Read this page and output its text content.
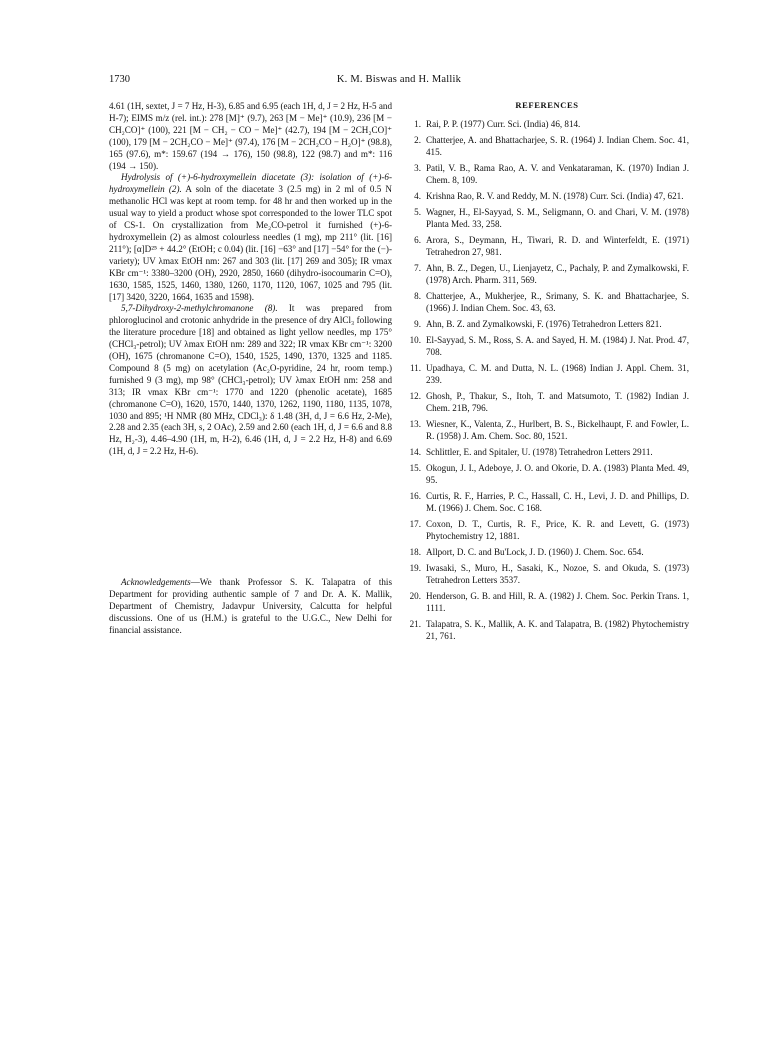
1730	K. M. Biswas and H. Mallik

4.61 (1H, sextet, J = 7 Hz, H-3), 6.85 and 6.95 (each 1H, d, J = 2 Hz, H-5 and H-7); EIMS m/z (rel. int.): 278 [M]⁺ (9.7), 263 [M − Me]⁺ (10.9), 236 [M − CH₂CO]⁺ (100), 221 [M − CH₂ − CO − Me]⁺ (42.7), 194 [M − 2CH₂CO]⁺ (100), 179 [M − 2CH₂CO − Me]⁺ (97.4), 176 [M − 2CH₂CO − H₂O]⁺ (98.8), 165 (97.6), m*: 159.67 (194 → 176), 150 (98.8), 122 (98.7) and m*: 116 (194 → 150).

Hydrolysis of (+)-6-hydroxymellein diacetate (3): isolation of (+)-6-hydroxymellein (2). A soln of the diacetate 3 (2.5 mg) in 2 ml of 0.5 N methanolic HCl was kept at room temp. for 48 hr and then worked up in the usual way to yield a product whose spot corresponded to the lower TLC spot of CS-1. On crystallization from Me₂CO-petrol it furnished (+)-6-hydroxymellein (2) as almost colourless needles (1 mg), mp 211° (lit. [16] 211°); [α]D²⁵ + 44.2° (EtOH; c 0.04) (lit. [16] −63° and [17] −54° for the (−)-variety); UV λmax EtOH nm: 267 and 303 (lit. [17] 269 and 305); IR νmax KBr cm⁻¹: 3380–3200 (OH), 2920, 2850, 1660 (dihydro-isocoumarin C=O), 1630, 1585, 1525, 1460, 1380, 1260, 1170, 1120, 1067, 1025 and 795 (lit. [17] 3420, 3220, 1664, 1635 and 1598).

5,7-Dihydroxy-2-methylchromanone (8). It was prepared from phloroglucinol and crotonic anhydride in the presence of dry AlCl₃ following the literature procedure [18] and obtained as light yellow needles, mp 175° (CHCl₃-petrol); UV λmax EtOH nm: 289 and 322; IR νmax KBr cm⁻¹: 3200 (OH), 1675 (chromanone C=O), 1540, 1525, 1490, 1370, 1325 and 1185. Compound 8 (5 mg) on acetylation (Ac₂O-pyridine, 24 hr, room temp.) furnished 9 (3 mg), mp 98° (CHCl₃-petrol); UV λmax EtOH nm: 258 and 313; IR νmax KBr cm⁻¹: 1770 and 1220 (phenolic acetate), 1685 (chromanone C=O), 1620, 1570, 1440, 1370, 1262, 1190, 1180, 1135, 1078, 1030 and 895; ¹H NMR (80 MHz, CDCl₃): δ 1.48 (3H, d, J = 6.6 Hz, 2-Me), 2.28 and 2.35 (each 3H, s, 2 OAc), 2.59 and 2.60 (each 1H, d, J = 6.6 and 8.8 Hz, H₂-3), 4.46–4.90 (1H, m, H-2), 6.46 (1H, d, J = 2.2 Hz, H-8) and 6.69 (1H, d, J = 2.2 Hz, H-6).

Acknowledgements—We thank Professor S. K. Talapatra of this Department for providing authentic sample of 7 and Dr. A. K. Mallik, Department of Chemistry, Jadavpur University, Calcutta for helpful discussions. One of us (H.M.) is grateful to the U.G.C., New Delhi for financial assistance.

REFERENCES
1. Rai, P. P. (1977) Curr. Sci. (India) 46, 814.
2. Chatterjee, A. and Bhattacharjee, S. R. (1964) J. Indian Chem. Soc. 41, 415.
3. Patil, V. B., Rama Rao, A. V. and Venkataraman, K. (1970) Indian J. Chem. 8, 109.
4. Krishna Rao, R. V. and Reddy, M. N. (1978) Curr. Sci. (India) 47, 621.
5. Wagner, H., El-Sayyad, S. M., Seligmann, O. and Chari, V. M. (1978) Planta Med. 33, 258.
6. Arora, S., Deymann, H., Tiwari, R. D. and Winterfeldt, E. (1971) Tetrahedron 27, 981.
7. Ahn, B. Z., Degen, U., Lienjayetz, C., Pachaly, P. and Zymalkowski, F. (1978) Arch. Pharm. 311, 569.
8. Chatterjee, A., Mukherjee, R., Srimany, S. K. and Bhattacharjee, S. (1966) J. Indian Chem. Soc. 43, 63.
9. Ahn, B. Z. and Zymalkowski, F. (1976) Tetrahedron Letters 821.
10. El-Sayyad, S. M., Ross, S. A. and Sayed, H. M. (1984) J. Nat. Prod. 47, 708.
11. Upadhaya, C. M. and Dutta, N. L. (1968) Indian J. Appl. Chem. 31, 239.
12. Ghosh, P., Thakur, S., Itoh, T. and Matsumoto, T. (1982) Indian J. Chem. 21B, 796.
13. Wiesner, K., Valenta, Z., Hurlbert, B. S., Bickelhaupt, F. and Fowler, L. R. (1958) J. Am. Chem. Soc. 80, 1521.
14. Schlittler, E. and Spitaler, U. (1978) Tetrahedron Letters 2911.
15. Okogun, J. I., Adeboye, J. O. and Okorie, D. A. (1983) Planta Med. 49, 95.
16. Curtis, R. F., Harries, P. C., Hassall, C. H., Levi, J. D. and Phillips, D. M. (1966) J. Chem. Soc. C 168.
17. Coxon, D. T., Curtis, R. F., Price, K. R. and Levett, G. (1973) Phytochemistry 12, 1881.
18. Allport, D. C. and Bu'Lock, J. D. (1960) J. Chem. Soc. 654.
19. Iwasaki, S., Muro, H., Sasaki, K., Nozoe, S. and Okuda, S. (1973) Tetrahedron Letters 3537.
20. Henderson, G. B. and Hill, R. A. (1982) J. Chem. Soc. Perkin Trans. 1, 1111.
21. Talapatra, S. K., Mallik, A. K. and Talapatra, B. (1982) Phytochemistry 21, 761.
